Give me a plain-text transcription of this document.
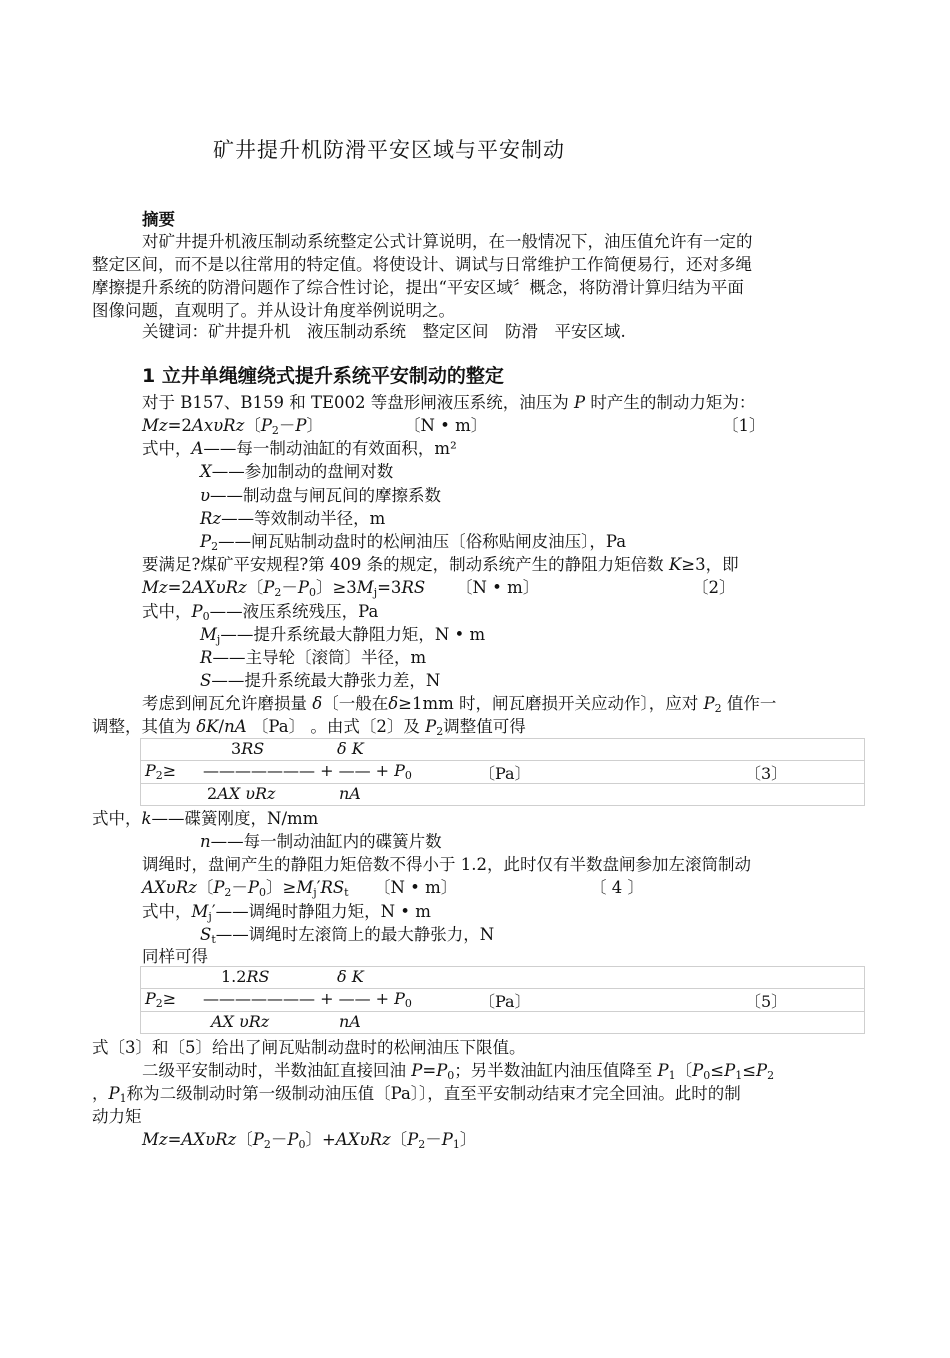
矿井提升机防滑平安区域与平安制动
摘要
对矿井提升机液压制动系统整定公式计算说明，在一般情况下，油压值允许有一定的
整定区间，而不是以往常用的特定值。将使设计、调试与日常维护工作简便易行，还对多绳
摩擦提升系统的防滑问题作了综合性讨论，提出“平安区域〞概念，将防滑计算归结为平面
图像问题，直观明了。并从设计角度举例说明之。
关键词：矿井提升机　液压制动系统　整定区间　防滑　平安区域.
1 立井单绳缠绕式提升系统平安制动的整定
对于 B157、B159 和 TE002 等盘形闸液压系统，油压为 P 时产生的制动力矩为：
Mz=2AxυRz〔$P_2-P$〕	〔N • m〕	〔1〕
式中，A——每一制动油缸的有效面积，m²
X——参加制动的盘闸对数
υ——制动盘与闸瓦间的摩擦系数
Rz——等效制动半径，m
$P_2——$闸瓦贴制动盘时的松闸油压〔俗称贴闸皮油压〕，Pa
要满足?煤矿平安规程?第 409 条的规定，制动系统产生的静阻力矩倍数 K≥3，即
Mz=2AXυRz〔$P_2-P_0$〕$\ge 3M_j=3RS$ 〔N • m〕	〔2〕
式中，$P_0——$液压系统残压，Pa
$M_j——$提升系统最大静阻力矩，N • m
R——主导轮〔滚筒〕半径，m
S——提升系统最大静张力差，N
考虑到闸瓦允许磨损量 δ〔一般在δ≥1mm 时，闸瓦磨损开关应动作〕，应对 $P_2$ 值作一
调整，其值为 δK/nA 〔Pa〕 。由式〔2〕及 $P_2$调整值可得
3RS	δ K
$P_2\ge$ ——————— + —— + $P_0$	〔Pa〕	〔3〕
2AX υRz	nA
式中，k——碟簧刚度，N/mm
n——每一制动油缸内的碟簧片数
调绳时，盘闸产生的静阻力矩倍数不得小于 1.2，此时仅有半数盘闸参加左滚筒制动
AXυRz〔$P_2-P_0$〕$\ge M_j'RS_t$ 〔N • m〕	〔 4 〕
式中，$M_j'——$调绳时静阻力矩，N • m
$S_t——$调绳时左滚筒上的最大静张力，N
同样可得
1.2RS	δ K
$P_2\ge$ ——————— + —— + $P_0$	〔Pa〕	〔5〕
AX υRz	nA
式〔3〕和〔5〕给出了闸瓦贴制动盘时的松闸油压下限值。
二级平安制动时，半数油缸直接回油 $P=P_0$；另半数油缸内油压值降至 $P_1$〔$P_0\le P_1\le P_2$
，$P_1$称为二级制动时第一级制动油压值〔Pa〕〕，直至平安制动结束才完全回油。此时的制
动力矩
Mz=AXυRz〔$P_2-P_0$〕+AXυRz〔$P_2-P_1$〕
